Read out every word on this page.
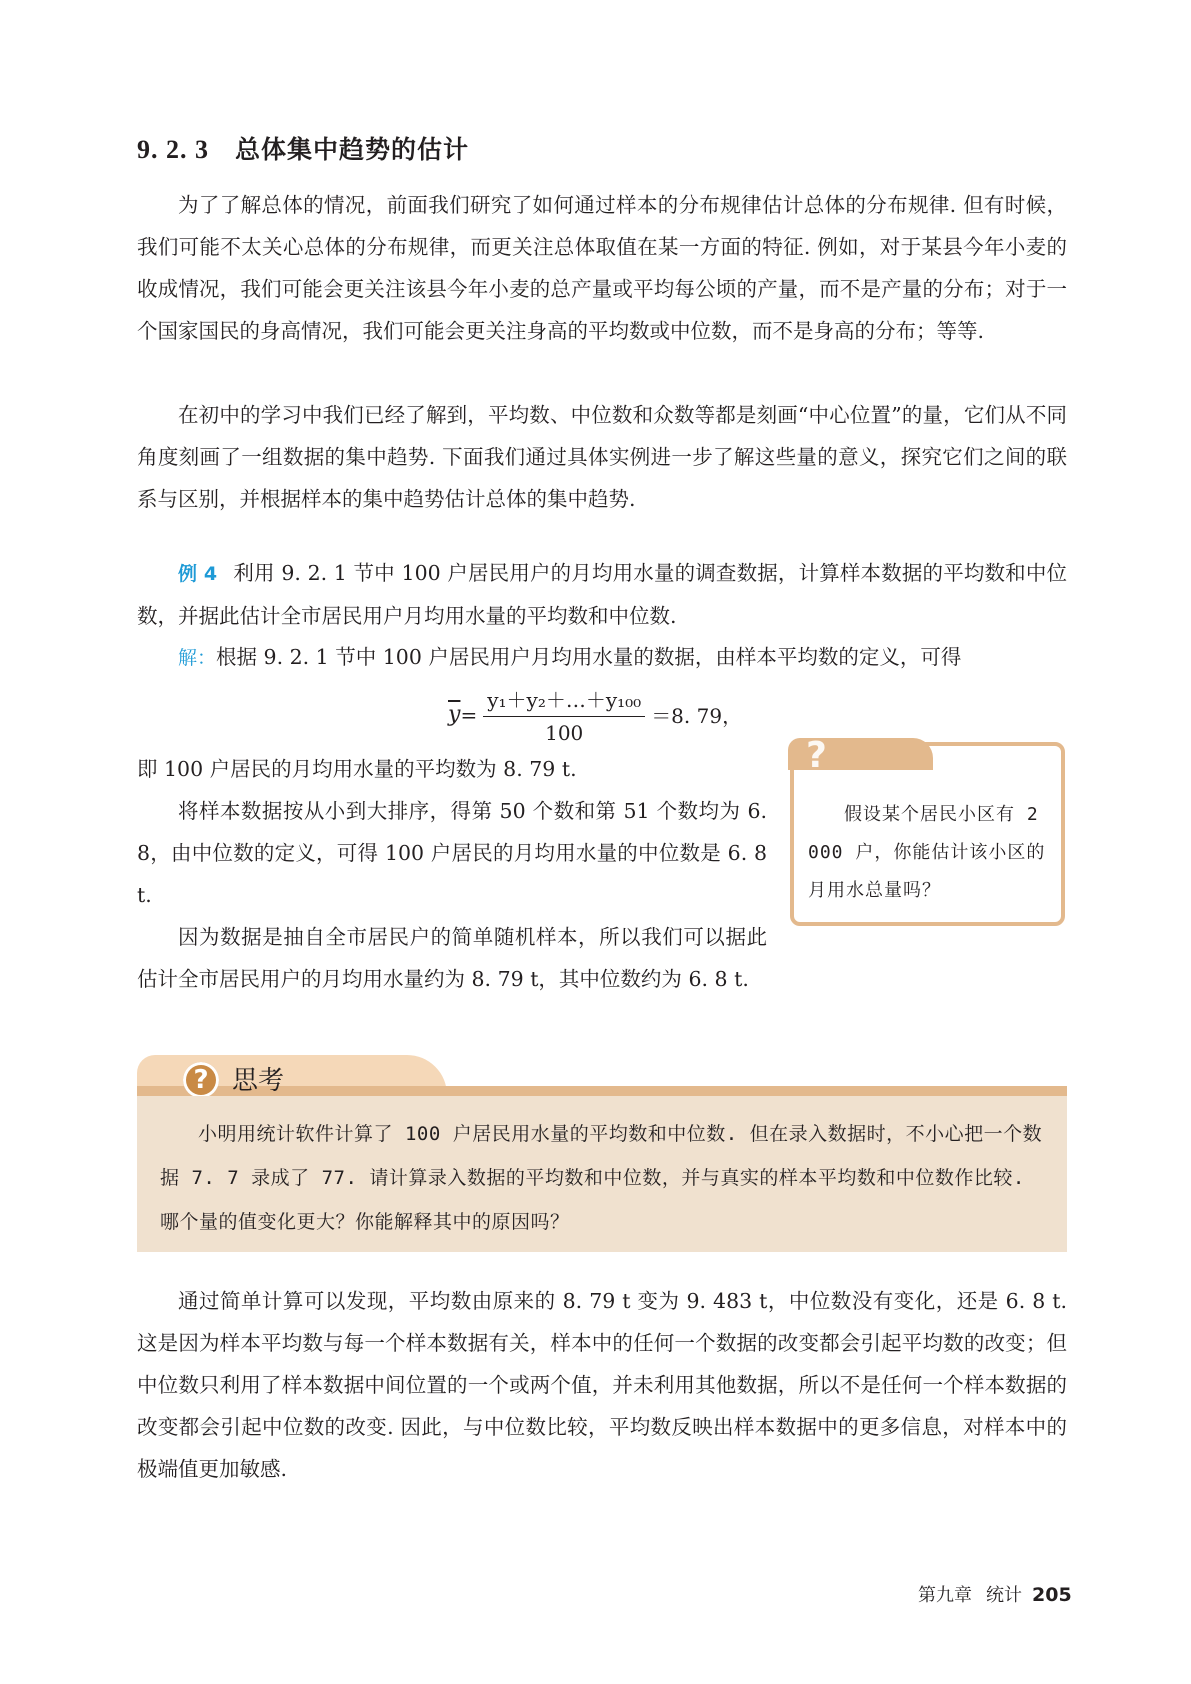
9. 2. 3 总体集中趋势的估计

为了了解总体的情况，前面我们研究了如何通过样本的分布规律估计总体的分布规律. 但有时候，我们可能不太关心总体的分布规律，而更关注总体取值在某一方面的特征. 例如，对于某县今年小麦的收成情况，我们可能会更关注该县今年小麦的总产量或平均每公顷的产量，而不是产量的分布；对于一个国家国民的身高情况，我们可能会更关注身高的平均数或中位数，而不是身高的分布；等等.

在初中的学习中我们已经了解到，平均数、中位数和众数等都是刻画“中心位置”的量，它们从不同角度刻画了一组数据的集中趋势. 下面我们通过具体实例进一步了解这些量的意义，探究它们之间的联系与区别，并根据样本的集中趋势估计总体的集中趋势.

例 4 利用 9. 2. 1 节中 100 户居民用户的月均用水量的调查数据，计算样本数据的平均数和中位数，并据此估计全市居民用户月均用水量的平均数和中位数.

解：根据 9. 2. 1 节中 100 户居民用户月均用水量的数据，由样本平均数的定义，可得

$\overline{y} = \frac{\text{y₁＋y₂＋…＋y₁₀₀}}{100} =8$. 79，

即 100 户居民的月均用水量的平均数为 8. 79 t.

将样本数据按从小到大排序，得第 50 个数和第 51 个数均为 6. 8，由中位数的定义，可得 100 户居民的月均用水量的中位数是 6. 8 t.

因为数据是抽自全市居民户的简单随机样本，所以我们可以据此估计全市居民用户的月均用水量约为 8. 79 t，其中位数约为 6. 8 t.

?

假设某个居民小区有 2 000 户，你能估计该小区的月用水总量吗？

? 思考

小明用统计软件计算了 100 户居民用水量的平均数和中位数. 但在录入数据时，不小心把一个数据 7. 7 录成了 77. 请计算录入数据的平均数和中位数，并与真实的样本平均数和中位数作比较. 哪个量的值变化更大？你能解释其中的原因吗？

通过简单计算可以发现，平均数由原来的 8. 79 t 变为 9. 483 t，中位数没有变化，还是 6. 8 t. 这是因为样本平均数与每一个样本数据有关，样本中的任何一个数据的改变都会引起平均数的改变；但中位数只利用了样本数据中间位置的一个或两个值，并未利用其他数据，所以不是任何一个样本数据的改变都会引起中位数的改变. 因此，与中位数比较，平均数反映出样本数据中的更多信息，对样本中的极端值更加敏感.

第九章 统计 205
